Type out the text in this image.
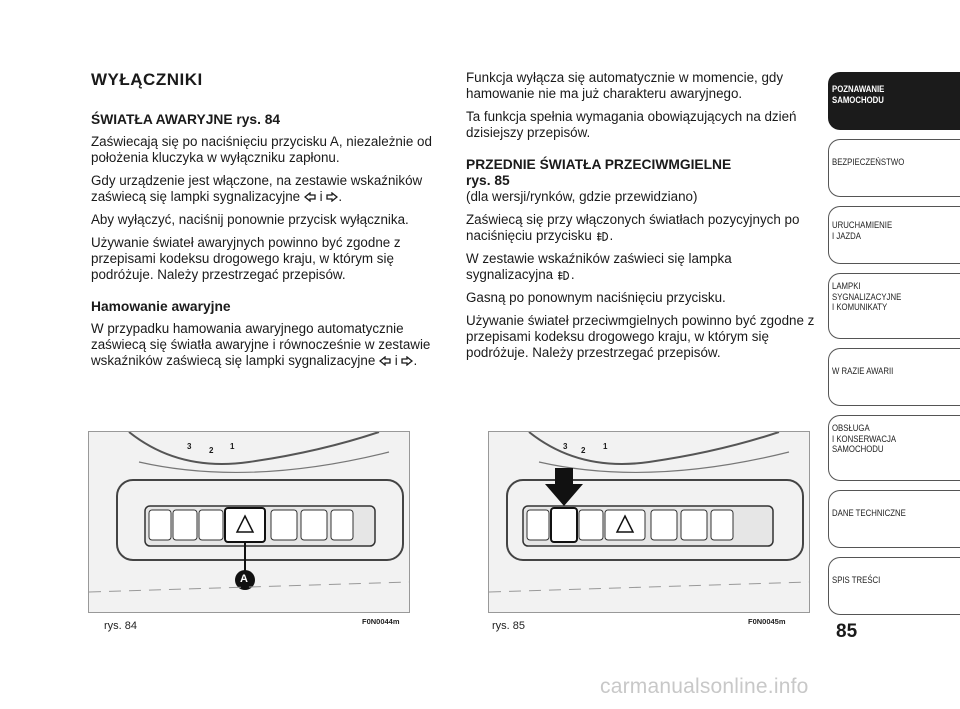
WYŁĄCZNIKI
ŚWIATŁA AWARYJNE rys. 84

Zaświecają się po naciśnięciu przycisku A, niezależnie od położenia kluczyka w wyłączniku zapłonu.

Gdy urządzenie jest włączone, na zestawie wskaźników zaświecą się lampki sygnalizacyjne i .

Aby wyłączyć, naciśnij ponownie przycisk wyłącznika.

Używanie świateł awaryjnych powinno być zgodne z przepisami kodeksu drogowego kraju, w którym się podróżuje. Należy przestrzegać przepisów.

Hamowanie awaryjne

W przypadku hamowania awaryjnego automatycznie zaświecą się światła awaryjne i równocześnie w zestawie wskaźników zaświecą się lampki sygnalizacyjne i .

Funkcja wyłącza się automatycznie w momencie, gdy hamowanie nie ma już charakteru awaryjnego.

Ta funkcja spełnia wymagania obowiązujących na dzień dzisiejszy przepisów.

PRZEDNIE ŚWIATŁA PRZECIWMGIELNE
rys. 85

(dla wersji/rynków, gdzie przewidziano)

Zaświecą się przy włączonych światłach pozycyjnych po naciśnięciu przycisku .

W zestawie wskaźników zaświeci się lampka sygnalizacyjna .

Gasną po ponownym naciśnięciu przycisku.

Używanie świateł przeciwmgielnych powinno być zgodne z przepisami kodeksu drogowego kraju, w którym się podróżuje. Należy przestrzegać przepisów.

3 2 1
A
rys. 84	F0N0044m
3 2 1
rys. 85	F0N0045m
POZNAWANIE
SAMOCHODU
BEZPIECZEŃSTWO
URUCHAMIENIE
I JAZDA
LAMPKI
SYGNALIZACYJNE
I KOMUNIKATY
W RAZIE AWARII
OBSŁUGA
I KONSERWACJA
SAMOCHODU
DANE TECHNICZNE
SPIS TREŚCI
85
carmanualsonline.info
